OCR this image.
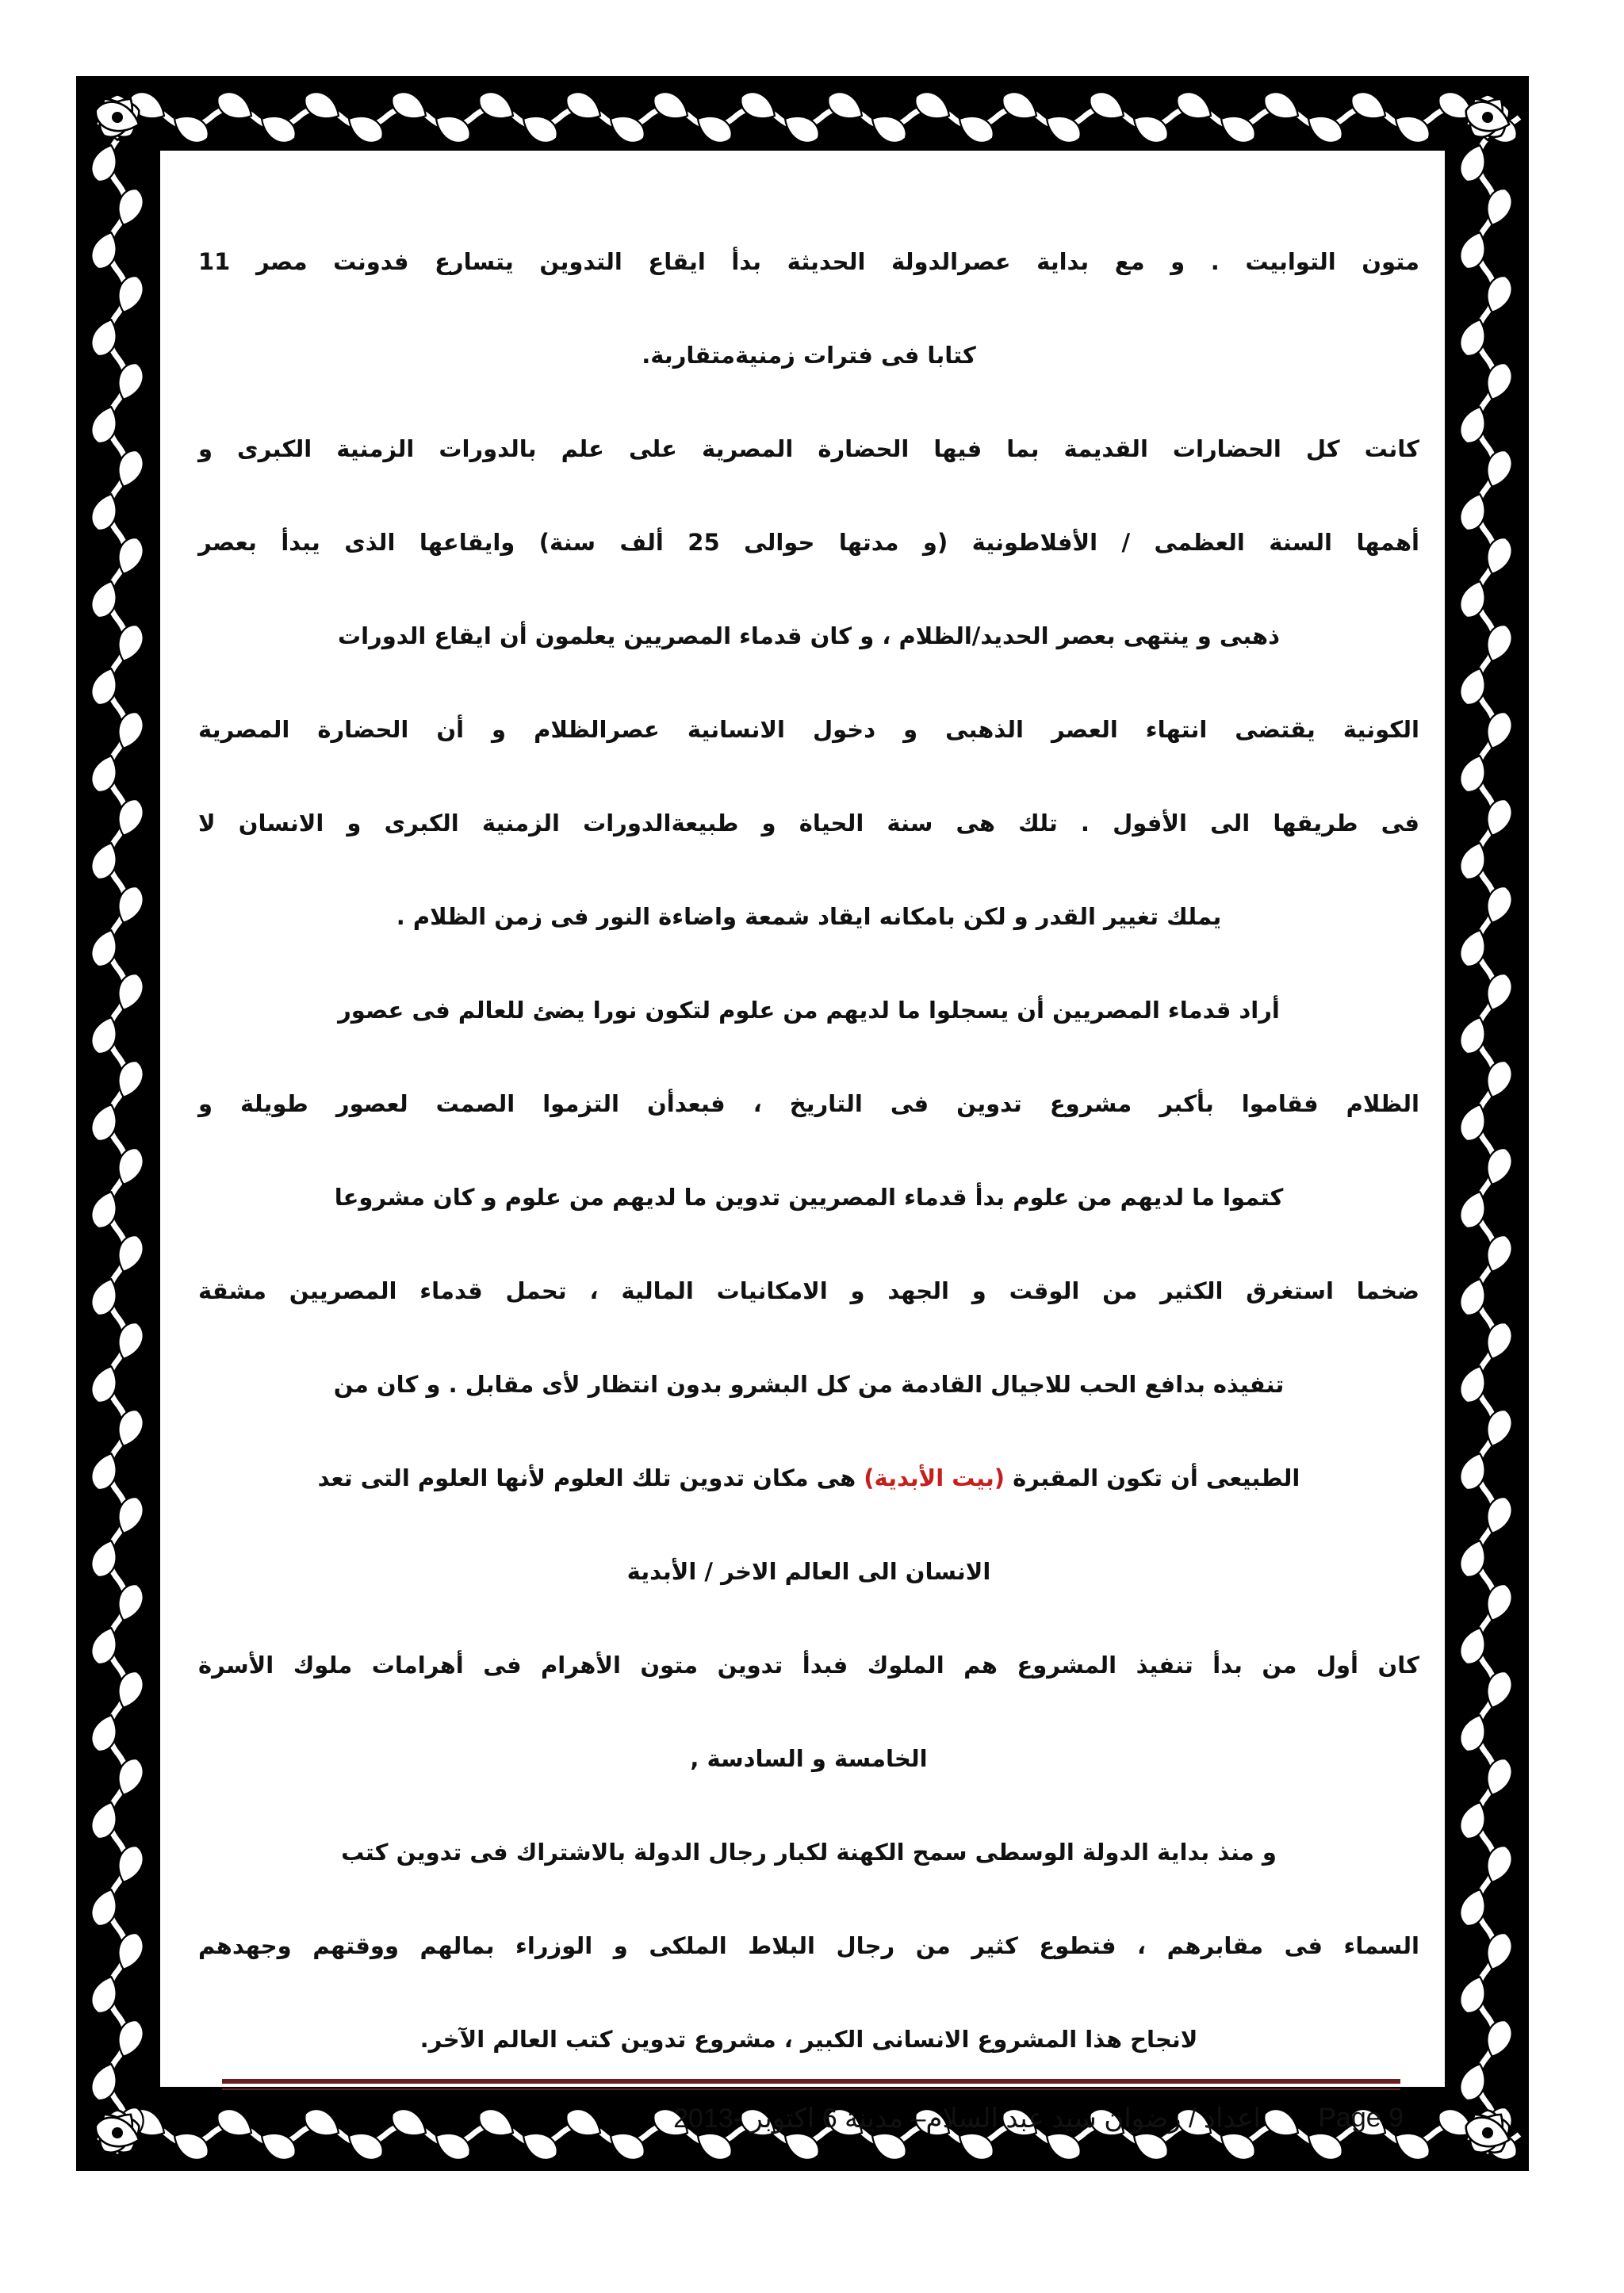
متون التوابيت . و مع بداية عصرالدولة الحديثة بدأ ايقاع التدوين يتسارع فدونت مصر 11
كتابا فى فترات زمنيةمتقاربة.
كانت كل الحضارات القديمة بما فيها الحضارة المصرية على علم بالدورات الزمنية الكبرى و
أهمها السنة العظمى / الأفلاطونية (و مدتها حوالى 25 ألف سنة) وايقاعها الذى يبدأ بعصر
ذهبى و ينتهى بعصر الحديد/الظلام ، و كان قدماء المصريين يعلمون أن ايقاع الدورات
الكونية يقتضى انتهاء العصر الذهبى و دخول الانسانية عصرالظلام و أن الحضارة المصرية
فى طريقها الى الأفول . تلك هى سنة الحياة و طبيعةالدورات الزمنية الكبرى و الانسان لا
يملك تغيير القدر و لكن بامكانه ايقاد شمعة واضاءة النور فى زمن الظلام .
أراد قدماء المصريين أن يسجلوا ما لديهم من علوم لتكون نورا يضئ للعالم فى عصور
الظلام فقاموا بأكبر مشروع تدوين فى التاريخ ، فبعدأن التزموا الصمت لعصور طويلة و
كتموا ما لديهم من علوم بدأ قدماء المصريين تدوين ما لديهم من علوم و كان مشروعا
ضخما استغرق الكثير من الوقت و الجهد و الامكانيات المالية ، تحمل قدماء المصريين مشقة
تنفيذه بدافع الحب للاجيال القادمة من كل البشرو بدون انتظار لأى مقابل . و كان من
الطبيعى أن تكون المقبرة (بيت الأبدية) هى مكان تدوين تلك العلوم لأنها العلوم التى تعد
الانسان الى العالم الاخر / الأبدية
كان أول من بدأ تنفيذ المشروع هم الملوك فبدأ تدوين متون الأهرام فى أهرامات ملوك الأسرة
الخامسة و السادسة ,
و منذ بداية الدولة الوسطى سمح الكهنة لكبار رجال الدولة بالاشتراك فى تدوين كتب
السماء فى مقابرهم ، فتطوع كثير من رجال البلاط الملكى و الوزراء بمالهم ووقتهم وجهدهم
لانجاح هذا المشروع الانسانى الكبير ، مشروع تدوين كتب العالم الآخر.
Page 9
اعداد / رضوان سيد عبد السلام– مدينة 6 اكتوبر -2013
